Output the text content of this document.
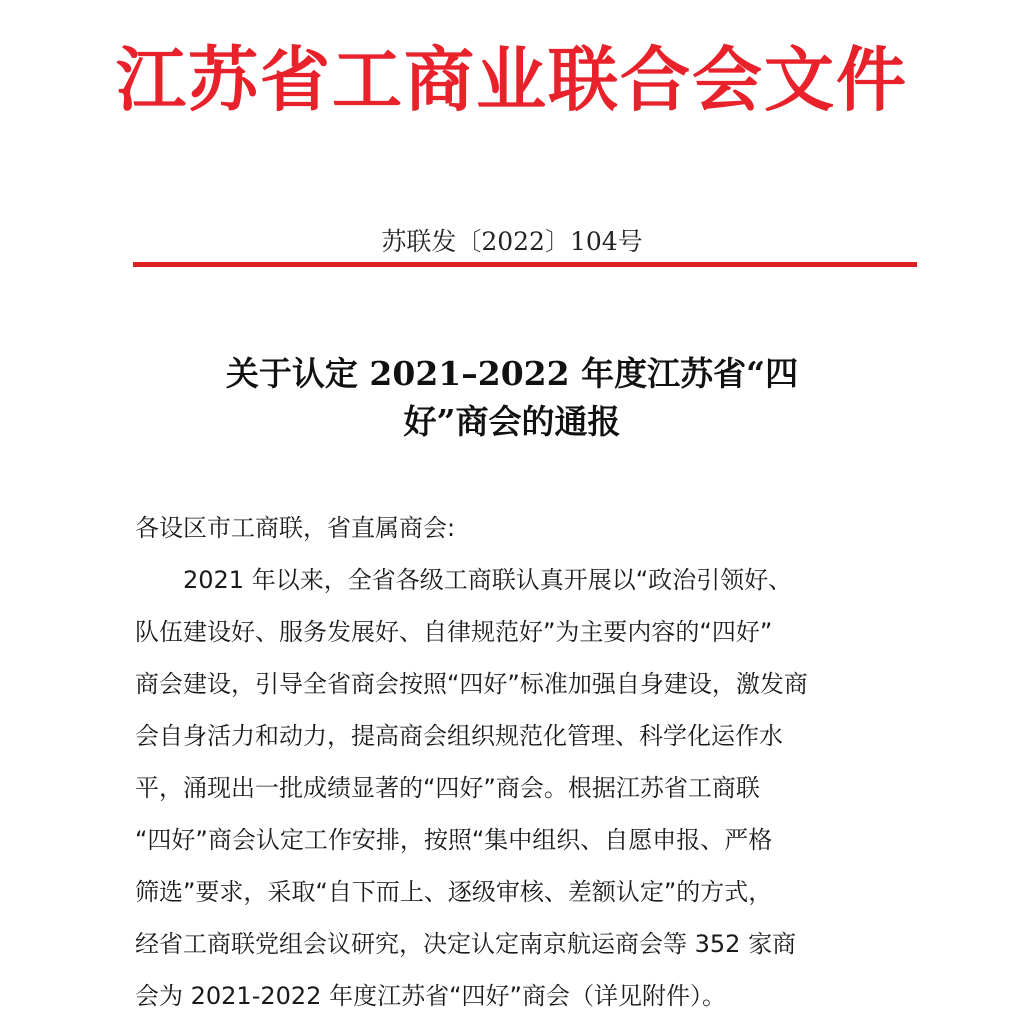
江苏省工商业联合会文件
苏联发〔2022〕104号
关于认定 2021–2022 年度江苏省“四
好”商会的通报
各设区市工商联，省直属商会:
　　2021 年以来，全省各级工商联认真开展以“政治引领好、
队伍建设好、服务发展好、自律规范好”为主要内容的“四好”
商会建设，引导全省商会按照“四好”标准加强自身建设，激发商
会自身活力和动力，提高商会组织规范化管理、科学化运作水
平，涌现出一批成绩显著的“四好”商会。根据江苏省工商联
“四好”商会认定工作安排，按照“集中组织、自愿申报、严格
筛选”要求，采取“自下而上、逐级审核、差额认定”的方式，
经省工商联党组会议研究，决定认定南京航运商会等 352 家商
会为 2021-2022 年度江苏省“四好”商会（详见附件）。
